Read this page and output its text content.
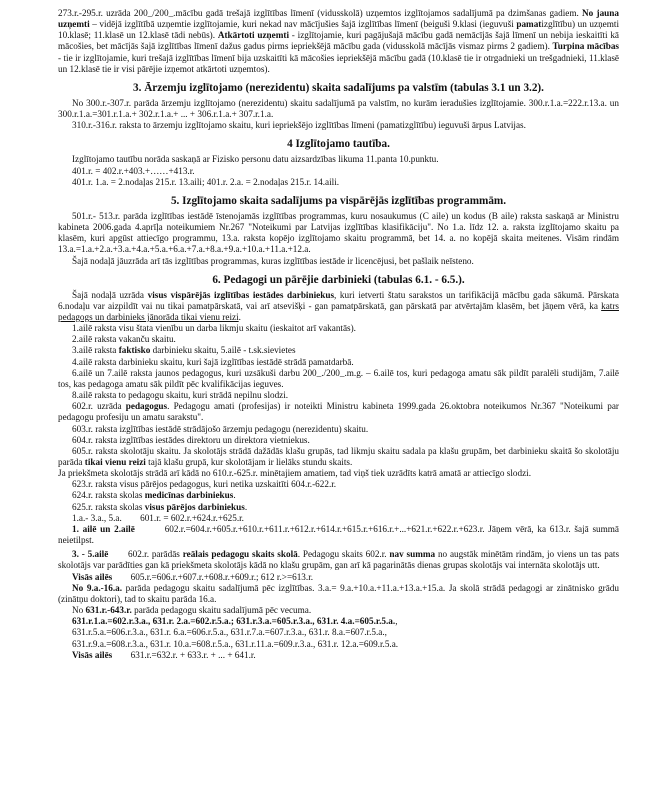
273.r.-295.r. uzrāda 200_/200_.mācību gadā trešajā izglītības līmenī (vidusskolā) uzņemtos izglītojamos sadalījumā pa dzimšanas gadiem. No jauna uzņemti – vidējā izglītībā uzņemtie izglītojamie, kuri nekad nav mācījušies šajā izglītības līmenī (beiguši 9.klasi (ieguvuši pamatizglītību) un uzņemti 10.klasē; 11.klasē un 12.klasē tādi nebūs). Atkārtoti uzņemti - izglītojamie, kuri pagājušajā mācību gadā nemācījās šajā līmenī un nebija ieskaitīti kā mācošies, bet mācījās šajā izglītības līmenī dažus gadus pirms iepriekšējā mācību gada (vidusskolā mācījās vismaz pirms 2 gadiem). Turpina mācības - tie ir izglītojamie, kuri trešajā izglītības līmenī bija uzskaitīti kā mācošies iepriekšējā mācību gadā (10.klasē tie ir otrgadnieki un trešgadnieki, 11.klasē un 12.klasē tie ir visi pārējie izņemot atkārtoti uzņemtos).

3. Ārzemju izglītojamo (nerezidentu) skaita sadalījums pa valstīm (tabulas 3.1 un 3.2).

No 300.r.-307.r. parāda ārzemju izglītojamo (nerezidentu) skaitu sadalījumā pa valstīm, no kurām ieradušies izglītojamie. 300.r.1.a.=222.r.13.a. un 300.r.1.a.=301.r.1.a.+ 302.r.1.a.+ ... + 306.r.1.a.+ 307.r.1.a.

310.r.-316.r. raksta to ārzemju izglītojamo skaitu, kuri iepriekšējo izglītības līmeni (pamatizglītību) ieguvuši ārpus Latvijas.

4 Izglītojamo tautība.

Izglītojamo tautību norāda saskaņā ar Fizisko personu datu aizsardzības likuma 11.panta 10.punktu.

401.r. = 402.r.+403.+……+413.r.

401.r. 1.a. = 2.nodaļas 215.r. 13.aili; 401.r. 2.a. = 2.nodaļas 215.r. 14.aili.

5. Izglītojamo skaita sadalījums pa vispārējās izglītības programmām.

501.r.- 513.r. parāda izglītības iestādē īstenojamās izglītības programmas, kuru nosaukumus (C aile) un kodus (B aile) raksta saskaņā ar Ministru kabineta 2006.gada 4.aprīļa noteikumiem Nr.267 "Noteikumi par Latvijas izglītības klasifikāciju". No 1.a. līdz 12. a. raksta izglītojamo skaitu pa klasēm, kuri apgūst attiecīgo programmu, 13.a. raksta kopējo izglītojamo skaitu programmā, bet 14. a. no kopējā skaita meitenes. Visām rindām 13.a.=1.a.+2.a.+3.a.+4.a.+5.a.+6.a.+7.a.+8.a.+9.a.+10.a.+11.a.+12.a.

Šajā nodaļā jāuzrāda arī tās izglītības programmas, kuras izglītības iestāde ir licencējusi, bet pašlaik neīsteno.

6. Pedagogi un pārējie darbinieki (tabulas 6.1. - 6.5.).

Šajā nodaļā uzrāda visus vispārējās izglītības iestādes darbiniekus, kuri ietverti štatu sarakstos un tarifikācijā mācību gada sākumā. Pārskata 6.nodaļu var aizpildīt vai nu tikai pamatpārskatā, vai arī atsevišķi - gan pamatpārskatā, gan pārskatā par atvērtajām klasēm, bet jāņem vērā, ka katrs pedagogs un darbinieks jānorāda tikai vienu reizi.

1.ailē raksta visu štata vienību un darba likmju skaitu (ieskaitot arī vakantās).

2.ailē raksta vakanču skaitu.

3.ailē raksta faktisko darbinieku skaitu, 5.ailē - t.sk.sievietes

4.ailē raksta darbinieku skaitu, kuri šajā izglītības iestādē strādā pamatdarbā.

6.ailē un 7.ailē raksta jaunos pedagogus, kuri uzsākuši darbu 200_./200_.m.g. – 6.ailē tos, kuri pedagoga amatu sāk pildīt paralēli studijām, 7.ailē tos, kas pedagoga amatu sāk pildīt pēc kvalifikācijas ieguves.

8.ailē raksta to pedagogu skaitu, kuri strādā nepilnu slodzi.

602.r. uzrāda pedagogus. Pedagogu amati (profesijas) ir noteikti Ministru kabineta 1999.gada 26.oktobra noteikumos Nr.367 "Noteikumi par pedagogu profesiju un amatu sarakstu".

603.r. raksta izglītības iestādē strādājošo ārzemju pedagogu (nerezidentu) skaitu.

604.r. raksta izglītības iestādes direktoru un direktora vietniekus.

605.r. raksta skolotāju skaitu. Ja skolotājs strādā dažādās klašu grupās, tad likmju skaitu sadala pa klašu grupām, bet darbinieku skaitā šo skolotāju parāda tikai vienu reizi tajā klašu grupā, kur skolotājam ir lielāks stundu skaits.

Ja priekšmeta skolotājs strādā arī kādā no 610.r.-625.r. minētajiem amatiem, tad viņš tiek uzrādīts katrā amatā ar attiecīgo slodzi.

623.r. raksta visus pārējos pedagogus, kuri netika uzskaitīti 604.r.-622.r.

624.r. raksta skolas medicīnas darbiniekus.

625.r. raksta skolas visus pārējos darbiniekus.

1.a.- 3.a., 5.a.        601.r. = 602.r.+624.r.+625.r.

1. ailē un 2.ailē        602.r.=604.r.+605.r.+610.r.+611.r.+612.r.+614.r.+615.r.+616.r.+...+621.r.+622.r.+623.r. Jāņem vērā, ka 613.r. šajā summā neietilpst.

3. - 5.ailē       602.r. parādās reālais pedagogu skaits skolā. Pedagogu skaits 602.r. nav summa no augstāk minētām rindām, jo viens un tas pats skolotājs var parādīties gan kā priekšmeta skolotājs kādā no klašu grupām, gan arī kā pagarinātās dienas grupas skolotājs vai internāta skolotājs utt.

Visās ailēs        605.r.=606.r.+607.r.+608.r.+609.r.; 612 r.>=613.r.

No 9.a.-16.a. parāda pedagogu skaitu sadalījumā pēc izglītības. 3.a.= 9.a.+10.a.+11.a.+13.a.+15.a. Ja skolā strādā pedagogi ar zinātnisko grādu (zinātņu doktori), tad to skaitu parāda 16.a.

No 631.r.-643.r. parāda pedagogu skaitu sadalījumā pēc vecuma.

631.r.1.a.=602.r.3.a., 631.r. 2.a.=602.r.5.a.; 631.r.3.a.=605.r.3.a., 631.r. 4.a.=605.r.5.a.,

631.r.5.a.=606.r.3.a., 631.r. 6.a.=606.r.5.a., 631.r.7.a.=607.r.3.a., 631.r. 8.a.=607.r.5.a.,

631.r.9.a.=608.r.3.a., 631.r. 10.a.=608.r.5.a., 631.r.11.a.=609.r.3.a., 631.r. 12.a.=609.r.5.a.

Visās ailēs        631.r.=632.r. + 633.r. + ... + 641.r.
